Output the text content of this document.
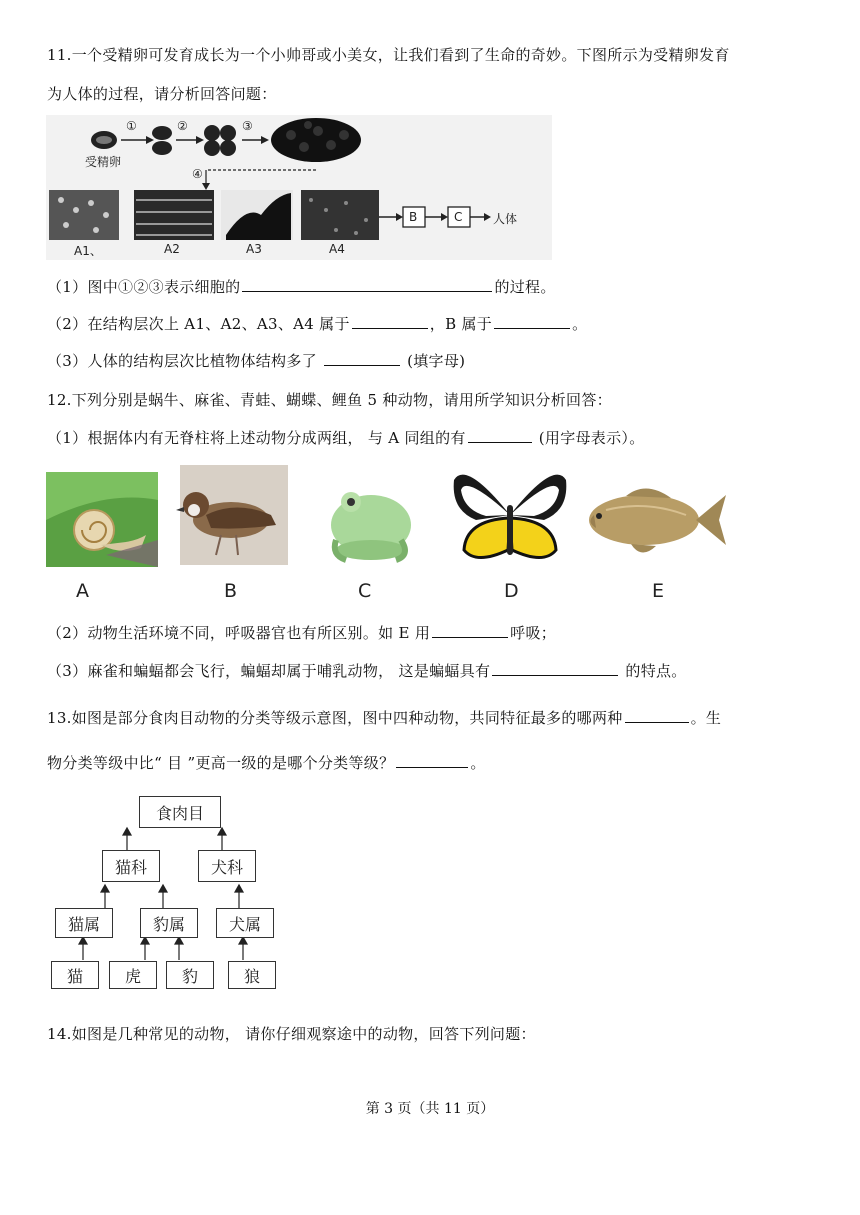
11.一个受精卵可发育成长为一个小帅哥或小美女，让我们看到了生命的奇妙。下图所示为受精卵发育
为人体的过程，请分析回答问题：
受精卵
①	②	③
④
A1、	A2	A3	A4
B	C	人体
（1）图中①②③表示细胞的	的过程。
（2）在结构层次上 A1、A2、A3、A4 属于	，B 属于	。
（3）人体的结构层次比植物体结构多了	(填字母)
12.下列分别是蜗牛、麻雀、青蛙、蝴蝶、鲤鱼 5 种动物，请用所学知识分析回答：
（1）根据体内有无脊柱将上述动物分成两组， 与 A 同组的有	(用字母表示）。
A	B	C	D	E
（2）动物生活环境不同，呼吸器官也有所区别。如 E 用	呼吸；
（3）麻雀和蝙蝠都会飞行，蝙蝠却属于哺乳动物， 这是蝙蝠具有	的特点。
13.如图是部分食肉目动物的分类等级示意图，图中四种动物，共同特征最多的哪两种	。生
物分类等级中比“ 目 ”更高一级的是哪个分类等级？	。
食肉目
猫科	犬科
猫属	豹属	犬属
猫	虎	豹	狼
14.如图是几种常见的动物， 请你仔细观察途中的动物，回答下列问题：
第 3 页（共 11 页）
